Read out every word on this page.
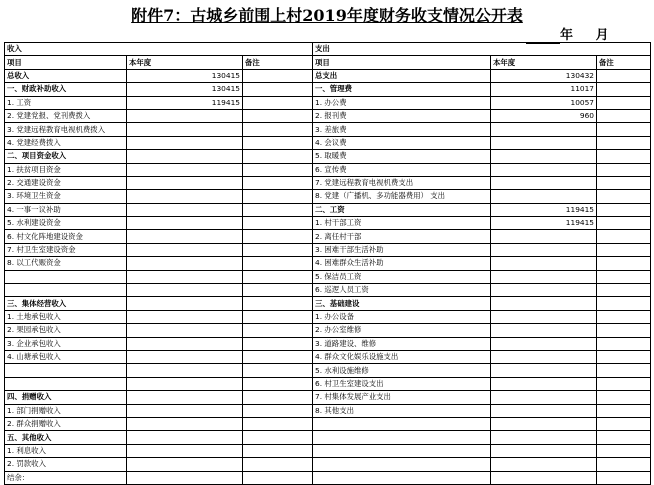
附件7：古城乡前围上村2019年度财务收支情况公开表
年 月
收入			支出		
项目	本年度	备注	项目	本年度	备注
总收入	130415		总支出	130432	
一、财政补助收入	130415		一、管理费	11017	
1. 工资	119415		1. 办公费	10057	
2. 党建党报、党刊费拨入			2. 报刊费	960	
3. 党建远程教育电视机费拨入			3. 差旅费		
4. 党建经费拨入			4. 会议费		
二、项目资金收入			5. 取暖费		
1. 扶贫项目资金			6. 宣传费		
2. 交通建设资金			7. 党建远程教育电视机费支出		
3. 环境卫生资金			8. 党建（广播机、多功能器费用） 支出		
4. 一事一议补助			二、工资	119415	
5. 水利建设资金			1. 村干部工资	119415	
6. 村文化阵地建设资金			2. 离任村干部		
7. 村卫生室建设资金			3. 困难干部生活补助		
8. 以工代赈资金			4. 困难群众生活补助		
			5. 保洁员工资		
			6. 巡逻人员工资		
三、集体经营收入			三、基础建设		
1. 土地承包收入			1. 办公设备		
2. 果园承包收入			2. 办公室维修		
3. 企业承包收入			3. 道路建设、维修		
4. 山塘承包收入			4. 群众文化娱乐设施支出		
			5. 水利设施维修		
			6. 村卫生室建设支出		
四、捐赠收入			7. 村集体发展产业支出		
1. 部门捐赠收入			8. 其他支出		
2. 群众捐赠收入					
五、其他收入					
1. 利息收入					
2. 罚款收入					
结余：					
